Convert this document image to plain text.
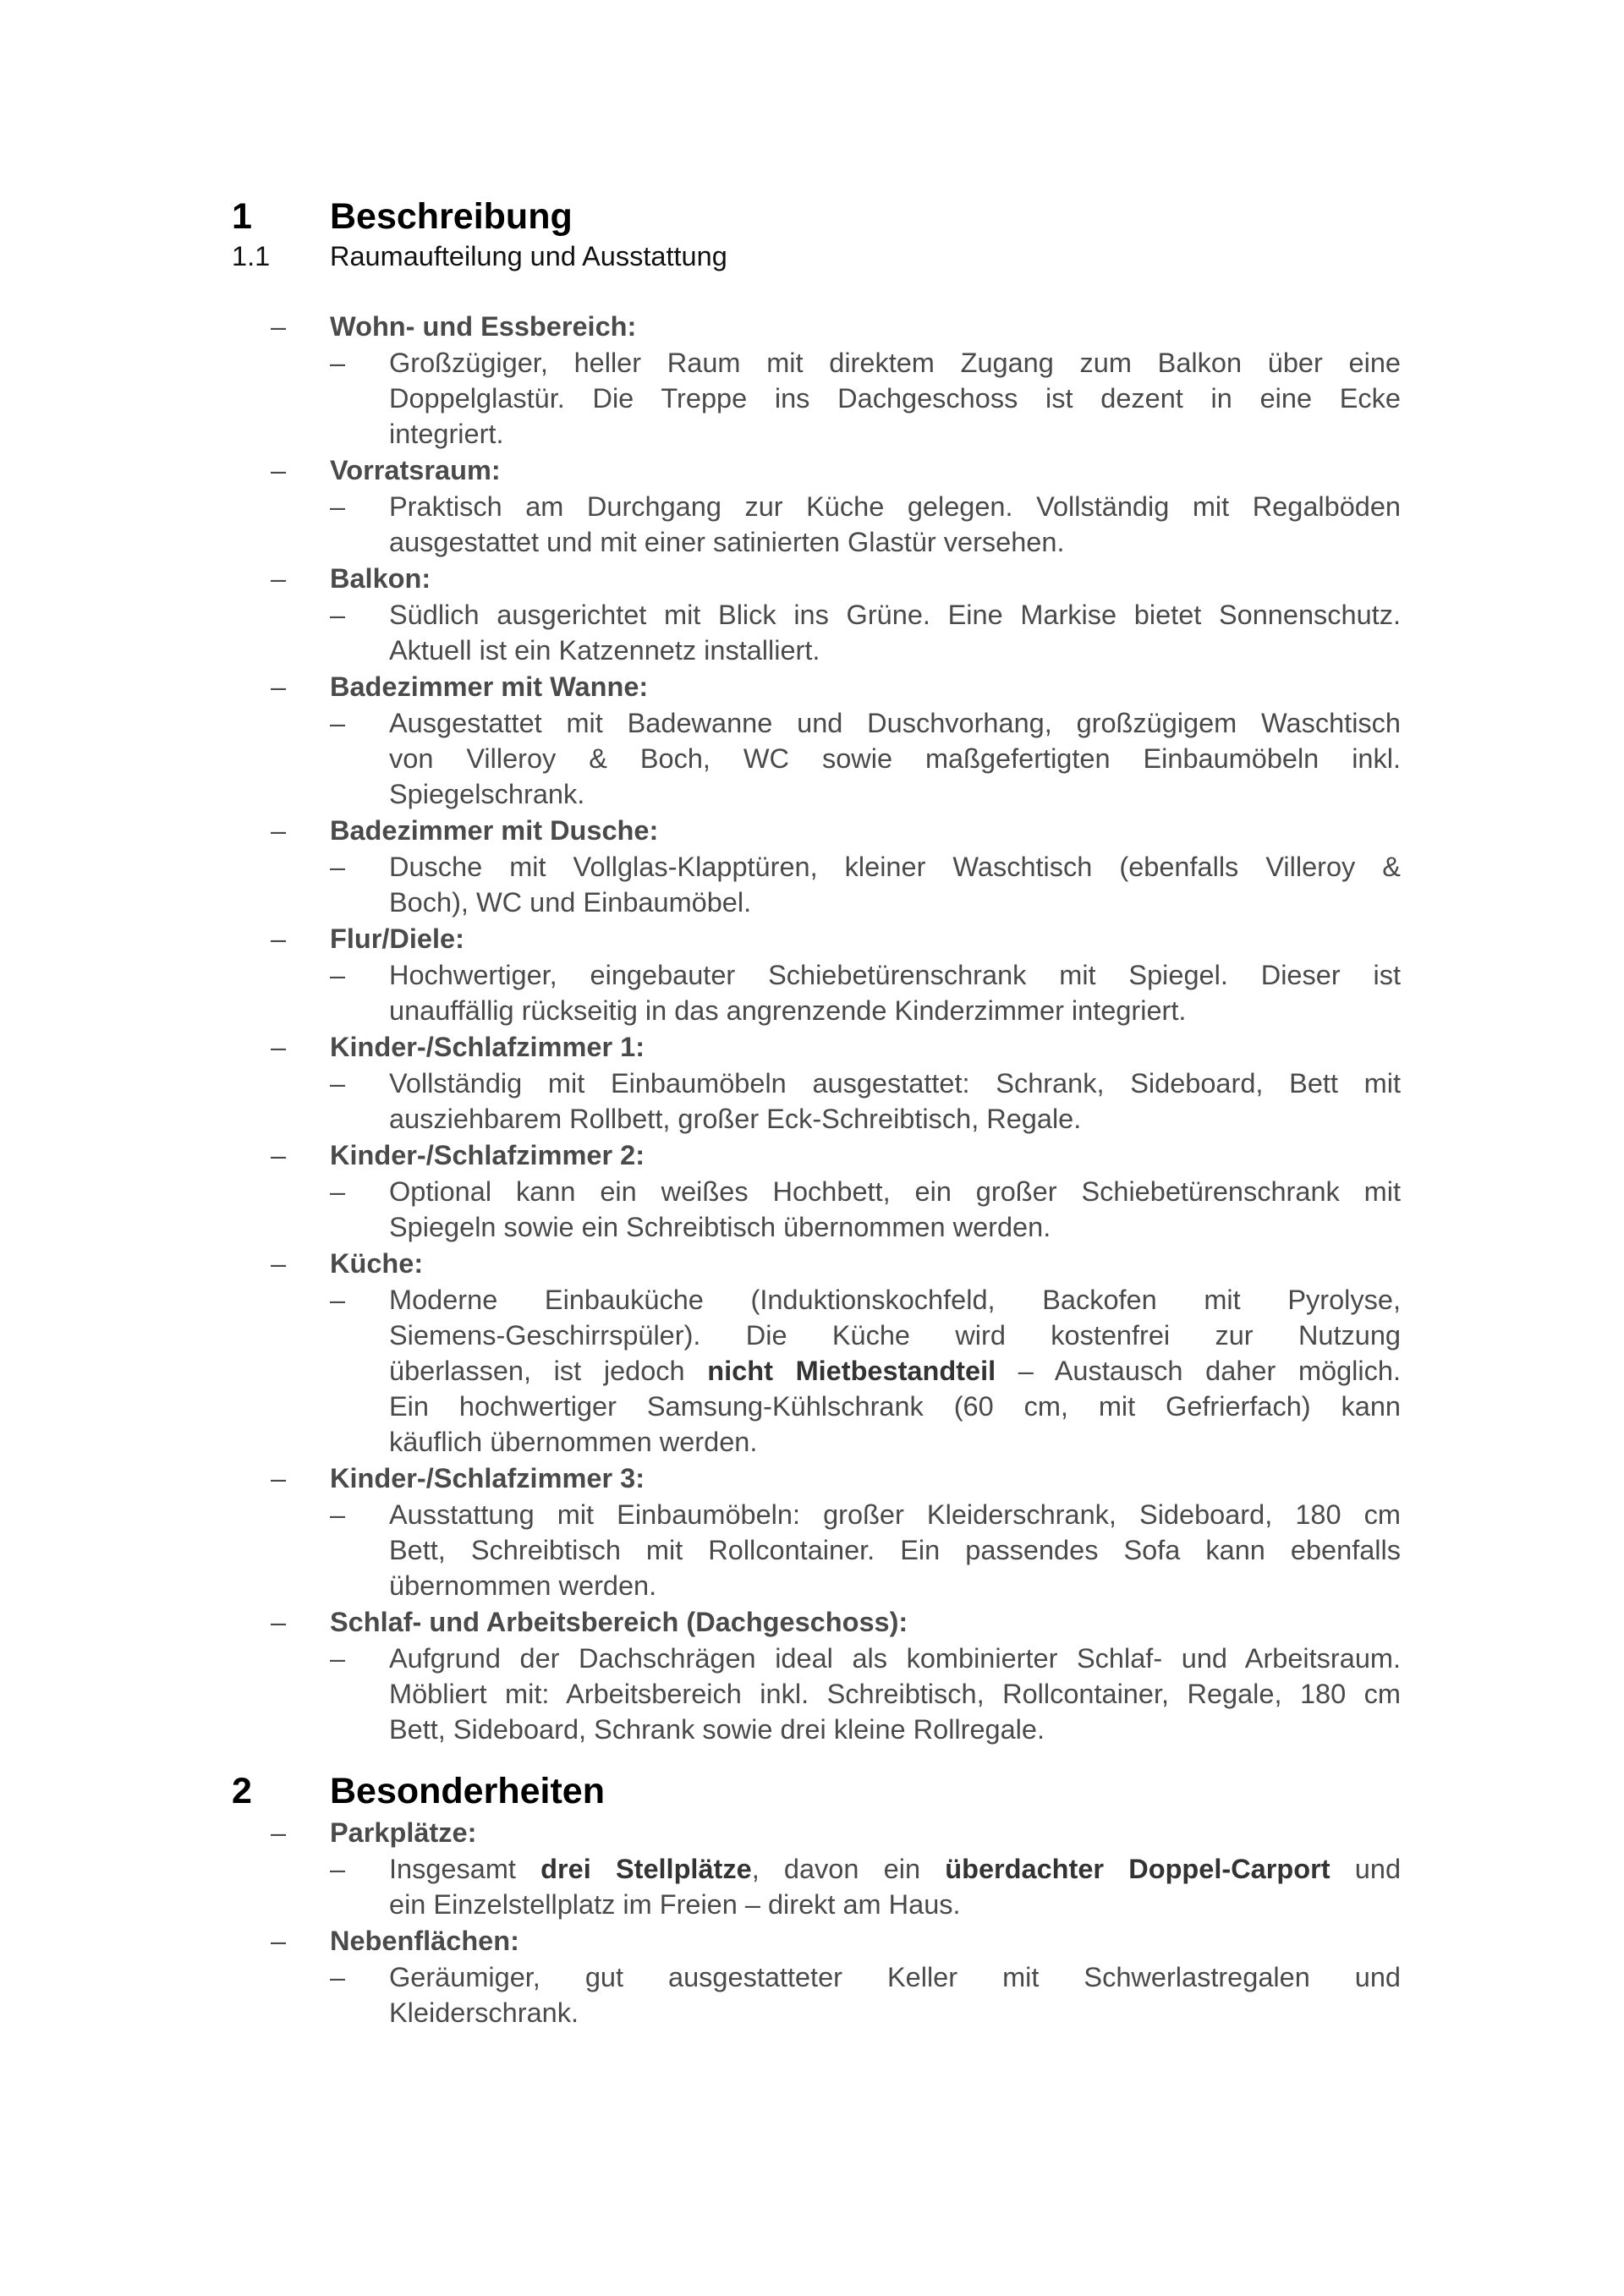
1 Beschreibung
1.1 Raumaufteilung und Ausstattung
– Wohn- und Essbereich:
– Großzügiger, heller Raum mit direktem Zugang zum Balkon über eine
Doppelglastür. Die Treppe ins Dachgeschoss ist dezent in eine Ecke
integriert.
– Vorratsraum:
– Praktisch am Durchgang zur Küche gelegen. Vollständig mit Regalböden
ausgestattet und mit einer satinierten Glastür versehen.
– Balkon:
– Südlich ausgerichtet mit Blick ins Grüne. Eine Markise bietet Sonnenschutz.
Aktuell ist ein Katzennetz installiert.
– Badezimmer mit Wanne:
– Ausgestattet mit Badewanne und Duschvorhang, großzügigem Waschtisch
von Villeroy & Boch, WC sowie maßgefertigten Einbaumöbeln inkl.
Spiegelschrank.
– Badezimmer mit Dusche:
– Dusche mit Vollglas-Klapptüren, kleiner Waschtisch (ebenfalls Villeroy &
Boch), WC und Einbaumöbel.
– Flur/Diele:
– Hochwertiger, eingebauter Schiebetürenschrank mit Spiegel. Dieser ist
unauffällig rückseitig in das angrenzende Kinderzimmer integriert.
– Kinder-/Schlafzimmer 1:
– Vollständig mit Einbaumöbeln ausgestattet: Schrank, Sideboard, Bett mit
ausziehbarem Rollbett, großer Eck-Schreibtisch, Regale.
– Kinder-/Schlafzimmer 2:
– Optional kann ein weißes Hochbett, ein großer Schiebetürenschrank mit
Spiegeln sowie ein Schreibtisch übernommen werden.
– Küche:
– Moderne Einbauküche (Induktionskochfeld, Backofen mit Pyrolyse,
Siemens-Geschirrspüler). Die Küche wird kostenfrei zur Nutzung
überlassen, ist jedoch nicht Mietbestandteil – Austausch daher möglich.
Ein hochwertiger Samsung-Kühlschrank (60 cm, mit Gefrierfach) kann
käuflich übernommen werden.
– Kinder-/Schlafzimmer 3:
– Ausstattung mit Einbaumöbeln: großer Kleiderschrank, Sideboard, 180 cm
Bett, Schreibtisch mit Rollcontainer. Ein passendes Sofa kann ebenfalls
übernommen werden.
– Schlaf- und Arbeitsbereich (Dachgeschoss):
– Aufgrund der Dachschrägen ideal als kombinierter Schlaf- und Arbeitsraum.
Möbliert mit: Arbeitsbereich inkl. Schreibtisch, Rollcontainer, Regale, 180 cm
Bett, Sideboard, Schrank sowie drei kleine Rollregale.
2 Besonderheiten
– Parkplätze:
– Insgesamt drei Stellplätze, davon ein überdachter Doppel-Carport und
ein Einzelstellplatz im Freien – direkt am Haus.
– Nebenflächen:
– Geräumiger, gut ausgestatteter Keller mit Schwerlastregalen und
Kleiderschrank.
